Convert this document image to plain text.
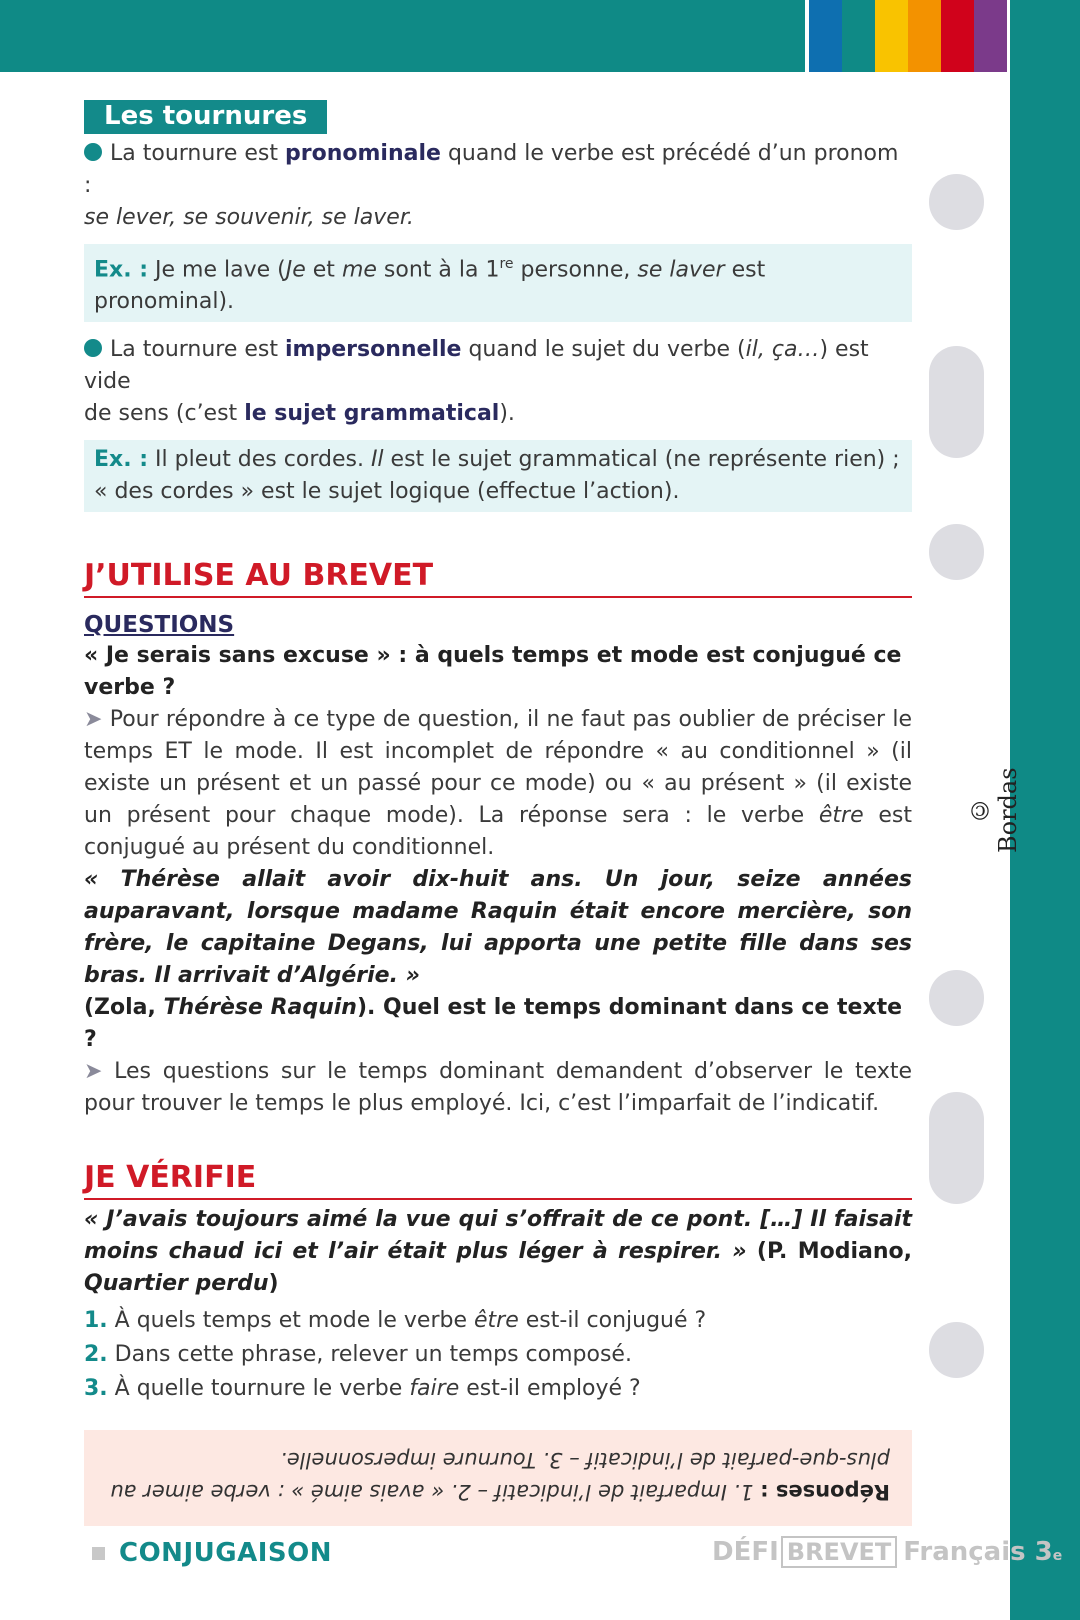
© Bordas
Les tournures

La tournure est pronominale quand le verbe est précédé d’un pronom :

se lever, se souvenir, se laver.

Ex. : Je me lave (Je et me sont à la 1re personne, se laver est pronominal).

La tournure est impersonnelle quand le sujet du verbe (il, ça…) est vide

de sens (c’est le sujet grammatical).

Ex. : Il pleut des cordes. Il est le sujet grammatical (ne représente rien) ;

« des cordes » est le sujet logique (effectue l’action).

J’UTILISE AU BREVET
QUESTIONS

« Je serais sans excuse » : à quels temps et mode est conjugué ce verbe ?

➤ Pour répondre à ce type de question, il ne faut pas oublier de préciser le temps ET le mode. Il est incomplet de répondre « au conditionnel » (il existe un présent et un passé pour ce mode) ou « au présent » (il existe un présent pour chaque mode). La réponse sera : le verbe être est conjugué au présent du conditionnel.

« Thérèse allait avoir dix-huit ans. Un jour, seize années auparavant, lorsque madame Raquin était encore mercière, son frère, le capitaine Degans, lui apporta une petite fille dans ses bras. Il arrivait d’Algérie. »

(Zola, Thérèse Raquin). Quel est le temps dominant dans ce texte ?

➤ Les questions sur le temps dominant demandent d’observer le texte pour trouver le temps le plus employé. Ici, c’est l’imparfait de l’indicatif.

JE VÉRIFIE

« J’avais toujours aimé la vue qui s’offrait de ce pont. […] Il faisait moins chaud ici et l’air était plus léger à respirer. » (P. Modiano, Quartier perdu)

1. À quels temps et mode le verbe être est-il conjugué ?
2. Dans cette phrase, relever un temps composé.
3. À quelle tournure le verbe faire est-il employé ?
Réponses : 1. Imparfait de l’indicatif – 2. « avais aimé » : verbe aimer au plus-que-parfait de l’indicatif – 3. Tournure impersonnelle.
CONJUGAISON	DÉFI BREVET Français 3 e
